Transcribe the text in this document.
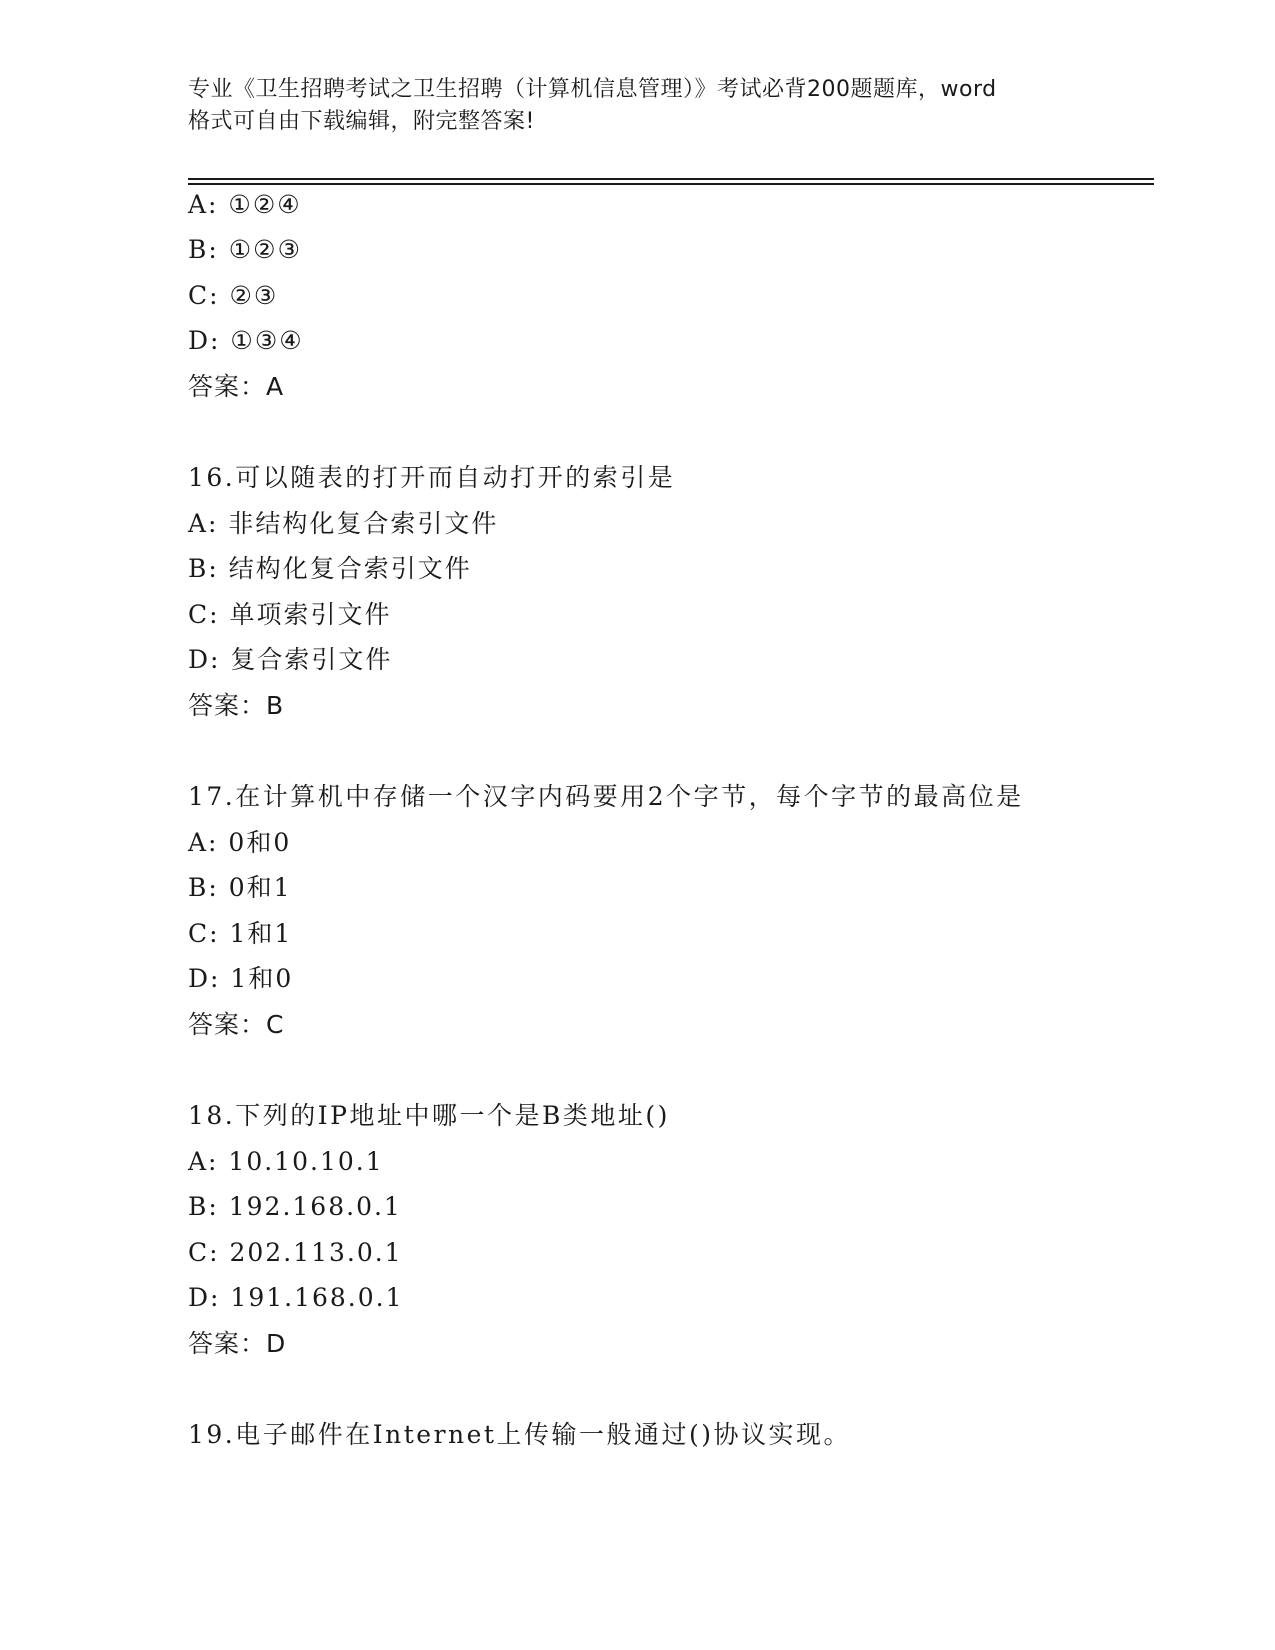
专业《卫生招聘考试之卫生招聘（计算机信息管理）》考试必背200题题库，word
格式可自由下载编辑，附完整答案!
A: ①②④
B: ①②③
C: ②③
D: ①③④
答案：A
16.可以随表的打开而自动打开的索引是
A: 非结构化复合索引文件
B: 结构化复合索引文件
C: 单项索引文件
D: 复合索引文件
答案：B
17.在计算机中存储一个汉字内码要用2个字节，每个字节的最高位是
A: 0和0
B: 0和1
C: 1和1
D: 1和0
答案：C
18.下列的IP地址中哪一个是B类地址()
A: 10.10.10.1
B: 192.168.0.1
C: 202.113.0.1
D: 191.168.0.1
答案：D
19.电子邮件在Internet上传输一般通过()协议实现。
